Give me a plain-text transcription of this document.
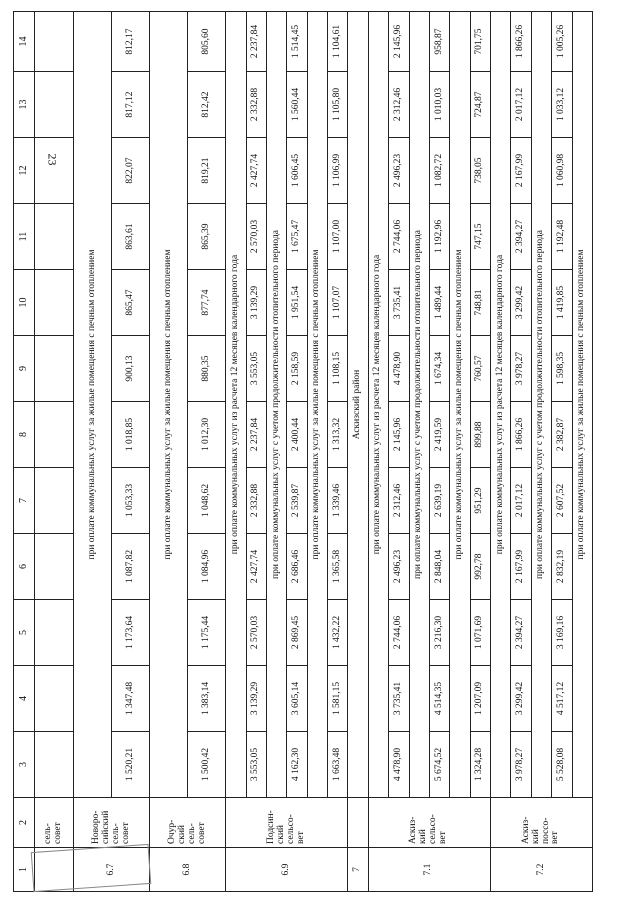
23
1	2	3	4	5	6	7	8	9	10	11	12	13	14
	сель-
совет												
6.7	Новоро-
сийский
сель-
совет	при оплате коммунальных услуг за жилые помещения с печным отоплением											
		1 520,21	1 347,48	1 173,64	1 087,82	1 053,33	1 018,85	900,13	865,47	863,61	822,07	817,12	812,17
6.8	Очур-
ский
сель-
совет	при оплате коммунальных услуг за жилые помещения с печным отоплением											
		1 500,42	1 383,14	1 175,44	1 084,96	1 048,62	1 012,30	880,35	877,74	865,39	819,21	812,42	805,60
6.9	Подсин-
ский
сельсо-
вет	при оплате коммунальных услуг из расчета 12 месяцев календарного года											
		3 553,05	3 139,29	2 570,03	2 427,74	2 332,88	2 237,84	3 553,05	3 139,29	2 570,03	2 427,74	2 332,88	2 237,84
		при оплате коммунальных услуг с учетом продолжительности отопительного периода											
		4 162,30	3 605,14	2 869,45	2 686,46	2 539,87	2 400,44	2 158,59	1 951,54	1 675,47	1 606,45	1 560,44	1 514,45
		при оплате коммунальных услуг за жилые помещения с печным отоплением											
		1 663,48	1 581,15	1 432,22	1 365,58	1 339,46	1 313,32	1 108,15	1 107,07	1 107,00	1 106,99	1 105,80	1 104,61
7		Аскизский район											
7.1	Аскиз-
кий
сельсо-
вет	при оплате коммунальных услуг из расчета 12 месяцев календарного года											
		4 478,90	3 735,41	2 744,06	2 496,23	2 312,46	2 145,96	4 478,90	3 735,41	2 744,06	2 496,23	2 312,46	2 145,96
		при оплате коммунальных услуг с учетом продолжительности отопительного периода											
		5 674,52	4 514,35	3 216,30	2 848,04	2 639,19	2 419,59	1 674,34	1 489,44	1 192,96	1 082,72	1 010,03	958,87
		при оплате коммунальных услуг за жилые помещения с печным отоплением											
		1 324,28	1 207,09	1 071,69	992,78	951,29	899,88	760,57	748,81	747,15	738,05	724,87	701,75
7.2	Аскиз-
кий
поссо-
вет	при оплате коммунальных услуг из расчета 12 месяцев календарного года											
		3 978,27	3 299,42	2 394,27	2 167,99	2 017,12	1 866,26	3 978,27	3 299,42	2 394,27	2 167,99	2 017,12	1 866,26
		при оплате коммунальных услуг с учетом продолжительности отопительного периода											
		5 528,08	4 517,12	3 169,16	2 832,19	2 607,52	2 382,87	1 598,35	1 419,85	1 192,48	1 060,98	1 033,12	1 005,26
		при оплате коммунальных услуг за жилые помещения с печным отоплением											
